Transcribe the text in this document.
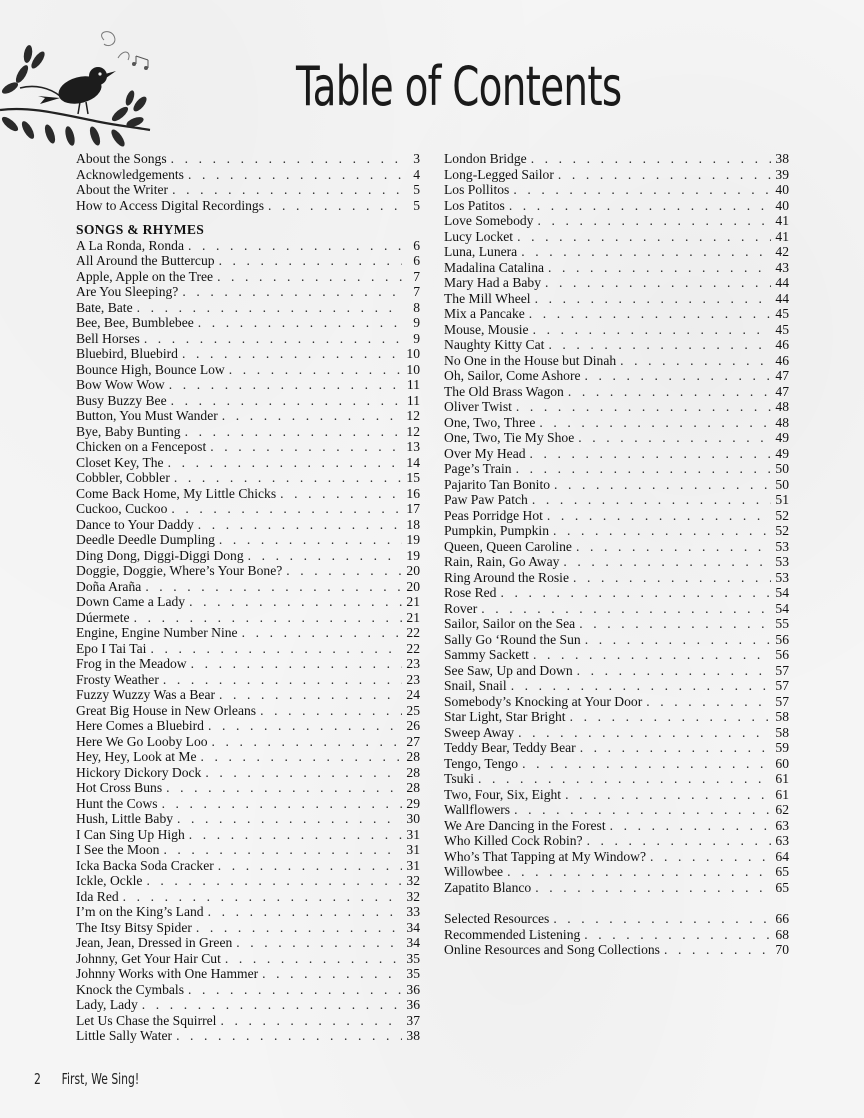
Table of Contents
About the Songs . . .	3
Acknowledgements . . .	4
About the Writer . . .	5
How to Access Digital Recordings . . .	5
SONGS & RHYMES
A La Ronda, Ronda . . .	6
All Around the Buttercup . . .	6
Apple, Apple on the Tree . . .	7
Are You Sleeping? . . .	7
Bate, Bate . . .	8
Bee, Bee, Bumblebee . . .	9
Bell Horses . . .	9
Bluebird, Bluebird . . .	10
Bounce High, Bounce Low . . .	10
Bow Wow Wow . . .	11
Busy Buzzy Bee . . .	11
Button, You Must Wander . . .	12
Bye, Baby Bunting . . .	12
Chicken on a Fencepost . . .	13
Closet Key, The . . .	14
Cobbler, Cobbler . . .	15
Come Back Home, My Little Chicks . . .	16
Cuckoo, Cuckoo . . .	17
Dance to Your Daddy . . .	18
Deedle Deedle Dumpling . . .	19
Ding Dong, Diggi-Diggi Dong . . .	19
Doggie, Doggie, Where’s Your Bone? . . .	20
Doña Araña . . .	20
Down Came a Lady . . .	21
Dúermete . . .	21
Engine, Engine Number Nine . . .	22
Epo I Tai Tai . . .	22
Frog in the Meadow . . .	23
Frosty Weather . . .	23
Fuzzy Wuzzy Was a Bear . . .	24
Great Big House in New Orleans . . .	25
Here Comes a Bluebird . . .	26
Here We Go Looby Loo . . .	27
Hey, Hey, Look at Me . . .	28
Hickory Dickory Dock . . .	28
Hot Cross Buns . . .	28
Hunt the Cows . . .	29
Hush, Little Baby . . .	30
I Can Sing Up High . . .	31
I See the Moon . . .	31
Icka Backa Soda Cracker . . .	31
Ickle, Ockle . . .	32
Ida Red . . .	32
I’m on the King’s Land . . .	33
The Itsy Bitsy Spider . . .	34
Jean, Jean, Dressed in Green . . .	34
Johnny, Get Your Hair Cut . . .	35
Johnny Works with One Hammer . . .	35
Knock the Cymbals . . .	36
Lady, Lady . . .	36
Let Us Chase the Squirrel . . .	37
Little Sally Water . . .	38
London Bridge . . .	38
Long-Legged Sailor . . .	39
Los Pollitos . . .	40
Los Patitos . . .	40
Love Somebody . . .	41
Lucy Locket . . .	41
Luna, Lunera . . .	42
Madalina Catalina . . .	43
Mary Had a Baby . . .	44
The Mill Wheel . . .	44
Mix a Pancake . . .	45
Mouse, Mousie . . .	45
Naughty Kitty Cat . . .	46
No One in the House but Dinah . . .	46
Oh, Sailor, Come Ashore . . .	47
The Old Brass Wagon . . .	47
Oliver Twist . . .	48
One, Two, Three . . .	48
One, Two, Tie My Shoe . . .	49
Over My Head . . .	49
Page’s Train . . .	50
Pajarito Tan Bonito . . .	50
Paw Paw Patch . . .	51
Peas Porridge Hot . . .	52
Pumpkin, Pumpkin . . .	52
Queen, Queen Caroline . . .	53
Rain, Rain, Go Away . . .	53
Ring Around the Rosie . . .	53
Rose Red . . .	54
Rover . . .	54
Sailor, Sailor on the Sea . . .	55
Sally Go ‘Round the Sun . . .	56
Sammy Sackett . . .	56
See Saw, Up and Down . . .	57
Snail, Snail . . .	57
Somebody’s Knocking at Your Door . . .	57
Star Light, Star Bright . . .	58
Sweep Away . . .	58
Teddy Bear, Teddy Bear . . .	59
Tengo, Tengo . . .	60
Tsuki . . .	61
Two, Four, Six, Eight . . .	61
Wallflowers . . .	62
We Are Dancing in the Forest . . .	63
Who Killed Cock Robin? . . .	63
Who’s That Tapping at My Window? . . .	64
Willowbee . . .	65
Zapatito Blanco . . .	65
Selected Resources . . .	66
Recommended Listening . . .	68
Online Resources and Song Collections . . .	70
2 First, We Sing!
